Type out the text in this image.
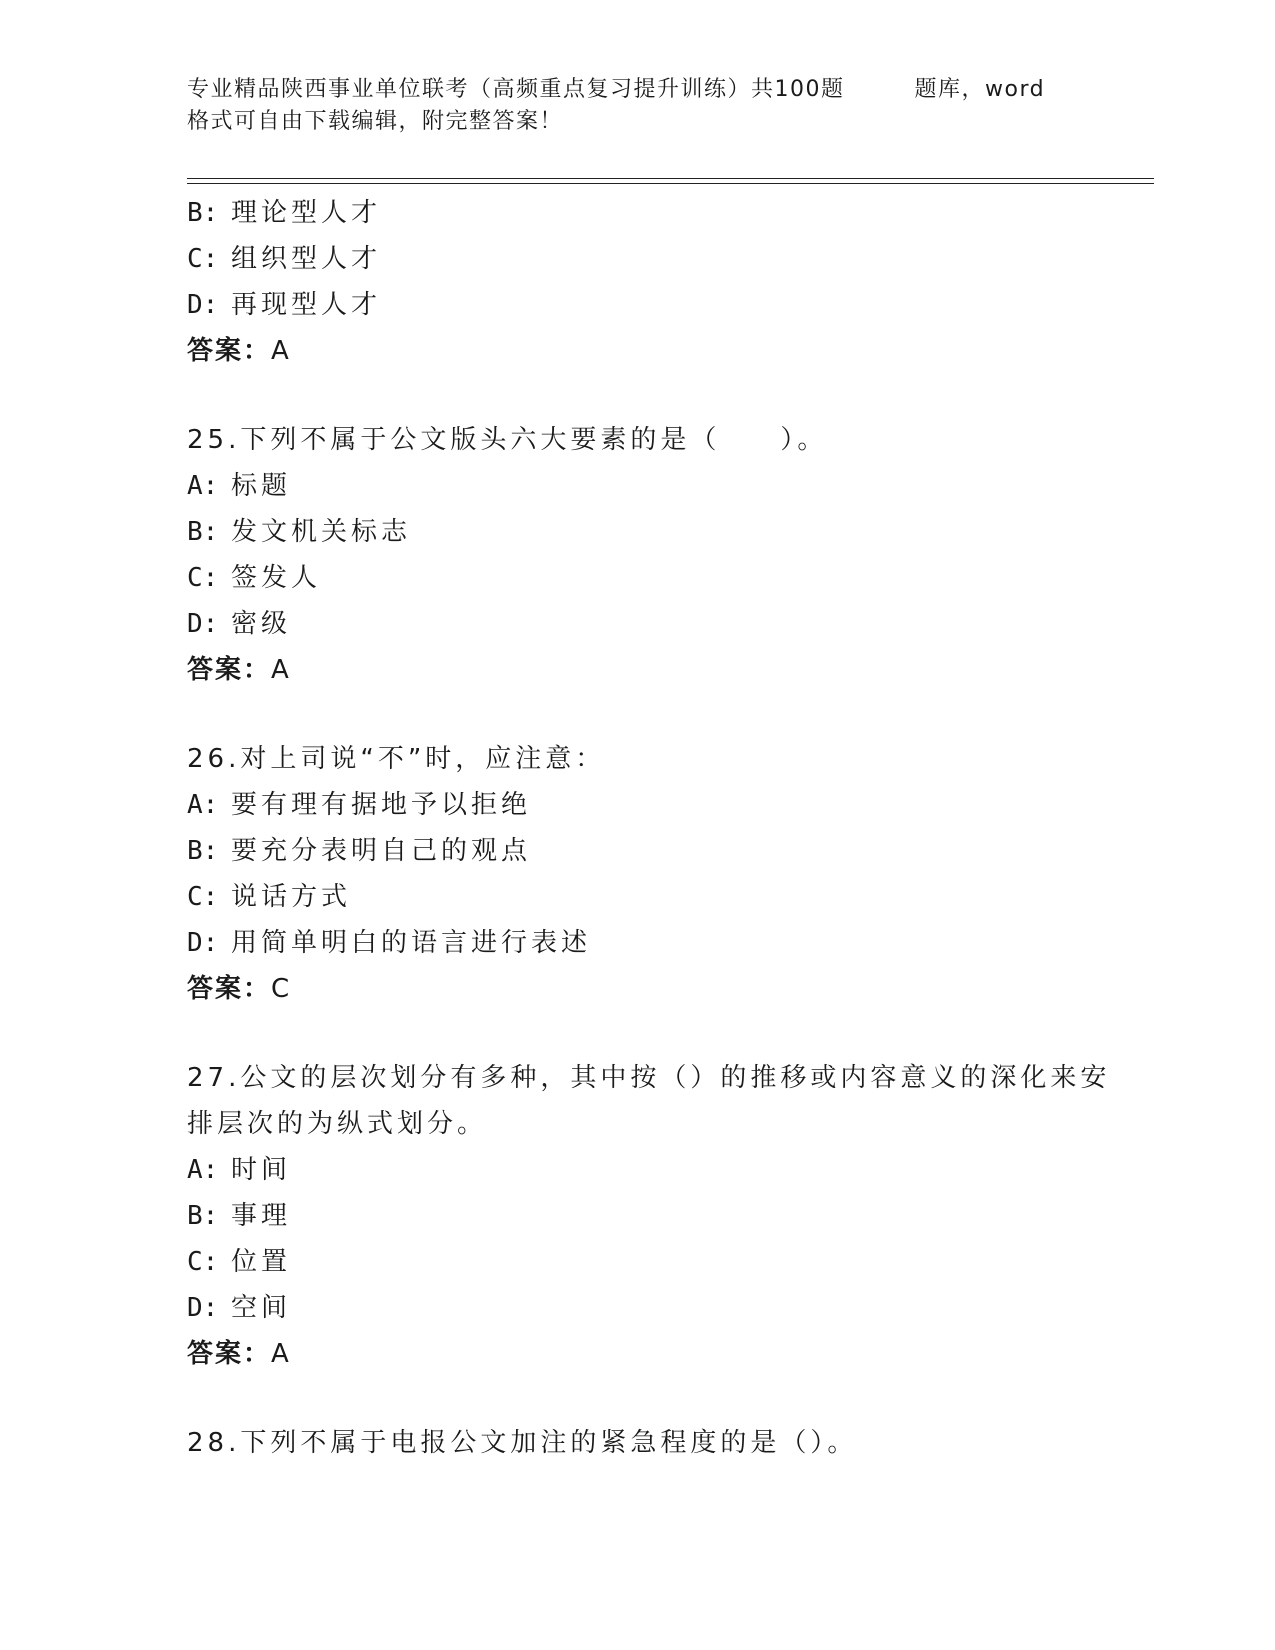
专业精品陕西事业单位联考（高频重点复习提升训练）共100题	题库，word
格式可自由下载编辑，附完整答案！
B: 理论型人才
C: 组织型人才
D: 再现型人才
答案：A
25.下列不属于公文版头六大要素的是（　　）。
A: 标题
B: 发文机关标志
C: 签发人
D: 密级
答案：A
26.对上司说“不”时，应注意：
A: 要有理有据地予以拒绝
B: 要充分表明自己的观点
C: 说话方式
D: 用简单明白的语言进行表述
答案：C
27.公文的层次划分有多种，其中按（）的推移或内容意义的深化来安
排层次的为纵式划分。
A: 时间
B: 事理
C: 位置
D: 空间
答案：A
28.下列不属于电报公文加注的紧急程度的是（）。
